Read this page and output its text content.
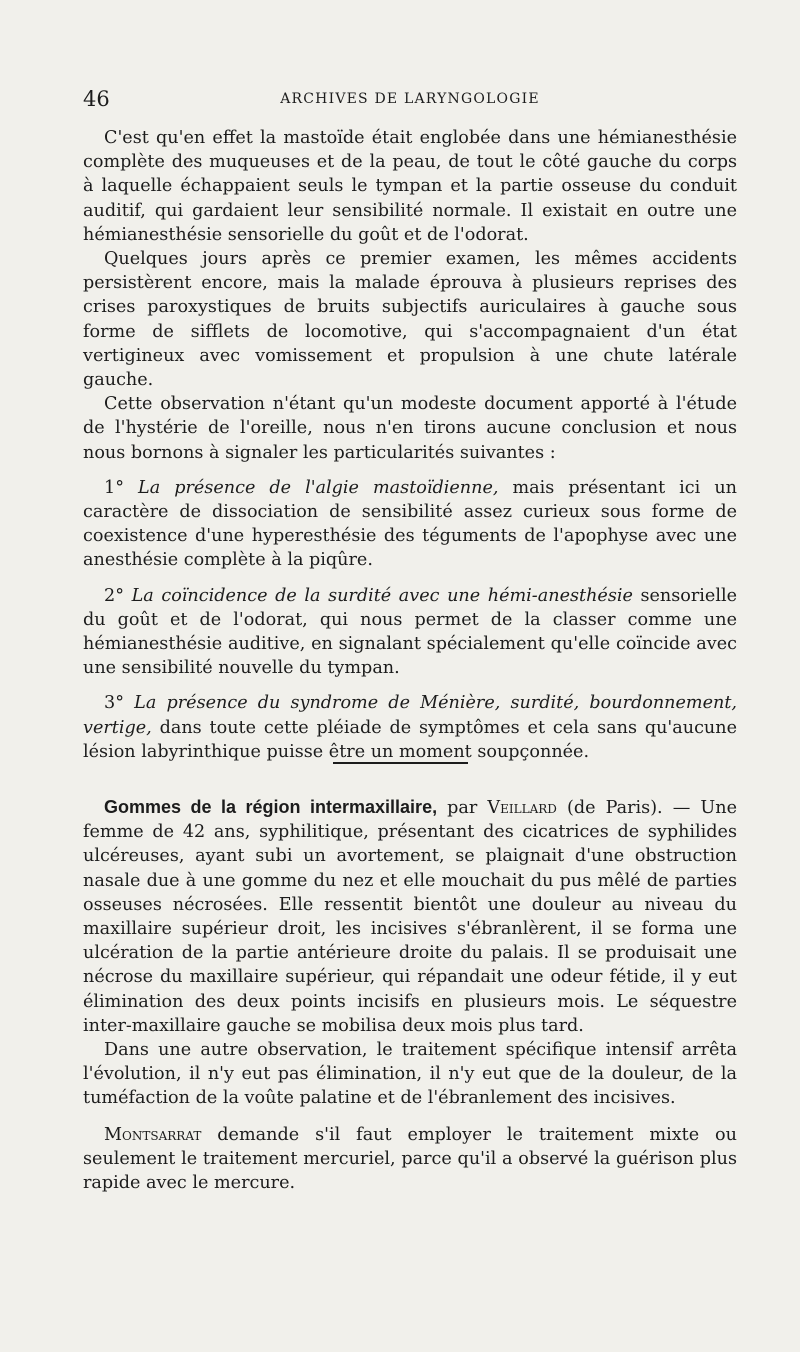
46	ARCHIVES DE LARYNGOLOGIE

C'est qu'en effet la mastoïde était englobée dans une hémianesthésie complète des muqueuses et de la peau, de tout le côté gauche du corps à laquelle échappaient seuls le tympan et la partie osseuse du conduit auditif, qui gardaient leur sensibilité normale. Il existait en outre une hémianesthésie sensorielle du goût et de l'odorat.

Quelques jours après ce premier examen, les mêmes accidents persistèrent encore, mais la malade éprouva à plusieurs reprises des crises paroxystiques de bruits subjectifs auriculaires à gauche sous forme de sifflets de locomotive, qui s'accompagnaient d'un état vertigineux avec vomissement et propulsion à une chute latérale gauche.

Cette observation n'étant qu'un modeste document apporté à l'étude de l'hystérie de l'oreille, nous n'en tirons aucune conclusion et nous nous bornons à signaler les particularités suivantes :

1° La présence de l'algie mastoïdienne, mais présentant ici un caractère de dissociation de sensibilité assez curieux sous forme de coexistence d'une hyperesthésie des téguments de l'apophyse avec une anesthésie complète à la piqûre.

2° La coïncidence de la surdité avec une hémi-anesthésie sensorielle du goût et de l'odorat, qui nous permet de la classer comme une hémianesthésie auditive, en signalant spécialement qu'elle coïncide avec une sensibilité nouvelle du tympan.

3° La présence du syndrome de Ménière, surdité, bourdonnement, vertige, dans toute cette pléiade de symptômes et cela sans qu'aucune lésion labyrinthique puisse être un moment soupçonnée.

Gommes de la région intermaxillaire, par Veillard (de Paris). — Une femme de 42 ans, syphilitique, présentant des cicatrices de syphilides ulcéreuses, ayant subi un avortement, se plaignait d'une obstruction nasale due à une gomme du nez et elle mouchait du pus mêlé de parties osseuses nécrosées. Elle ressentit bientôt une douleur au niveau du maxillaire supérieur droit, les incisives s'ébranlèrent, il se forma une ulcération de la partie antérieure droite du palais. Il se produisait une nécrose du maxillaire supérieur, qui répandait une odeur fétide, il y eut élimination des deux points incisifs en plusieurs mois. Le séquestre inter-maxillaire gauche se mobilisa deux mois plus tard.

Dans une autre observation, le traitement spécifique intensif arrêta l'évolution, il n'y eut pas élimination, il n'y eut que de la douleur, de la tuméfaction de la voûte palatine et de l'ébranlement des incisives.

Montsarrat demande s'il faut employer le traitement mixte ou seulement le traitement mercuriel, parce qu'il a observé la guérison plus rapide avec le mercure.
